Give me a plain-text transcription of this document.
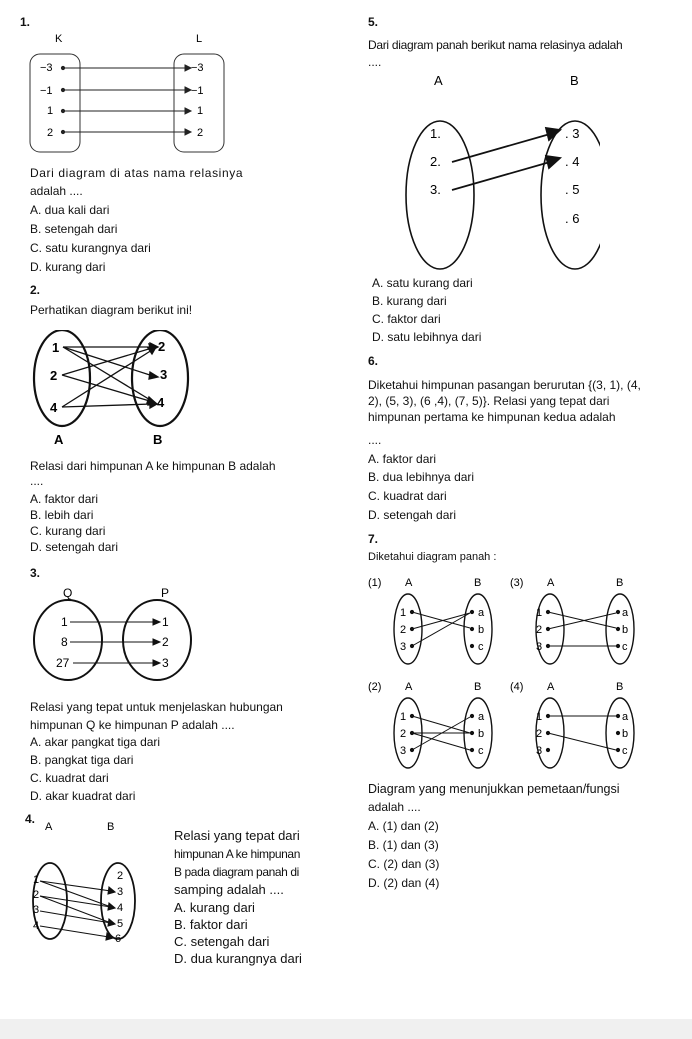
1.
K	L
−3
−1
1
2
−3
−1
1
2
Dari diagram di atas nama relasinya
adalah ....
A. dua kali dari
B. setengah dari
C. satu kurangnya dari
D. kurang dari
2.
Perhatikan diagram berikut ini!
1
2
4
2
3
4
A	B
Relasi dari himpunan A ke himpunan B adalah
....
A. faktor dari
B. lebih dari
C. kurang dari
D. setengah dari
3.
Q	P
1
8
27
1
2
3
Relasi yang tepat untuk menjelaskan hubungan
himpunan Q ke himpunan P adalah ....
A. akar pangkat tiga dari
B. pangkat tiga dari
C. kuadrat dari
D. akar kuadrat dari
4.
A	B
1
2
3
4
2
3
4
5
6
Relasi yang tepat dari
himpunan A ke himpunan
B pada diagram panah di
samping adalah ....
A. kurang dari
B. faktor dari
C. setengah dari
D. dua kurangnya dari
5.
Dari diagram panah berikut nama relasinya adalah
....
A	B
1.
2.
3.
. 3
. 4
. 5
. 6
A. satu kurang dari
B. kurang dari
C. faktor dari
D. satu lebihnya dari
6.
Diketahui himpunan pasangan berurutan {(3, 1), (4, 2), (5, 3), (6 ,4), (7, 5)}. Relasi yang tepat dari himpunan pertama ke himpunan kedua adalah
....
A. faktor dari
B. dua lebihnya dari
C. kuadrat dari
D. setengah dari
7.
Diketahui diagram panah :
(1) A	B
1
2
3
a
b
c
(3) A	B
1
2
3
a
b
c
(2) A	B
1
2
3
a
b
c
(4) A	B
1
2
3
a
b
c
Diagram yang menunjukkan pemetaan/fungsi
adalah ....
A. (1) dan (2)
B. (1) dan (3)
C. (2) dan (3)
D. (2) dan (4)
